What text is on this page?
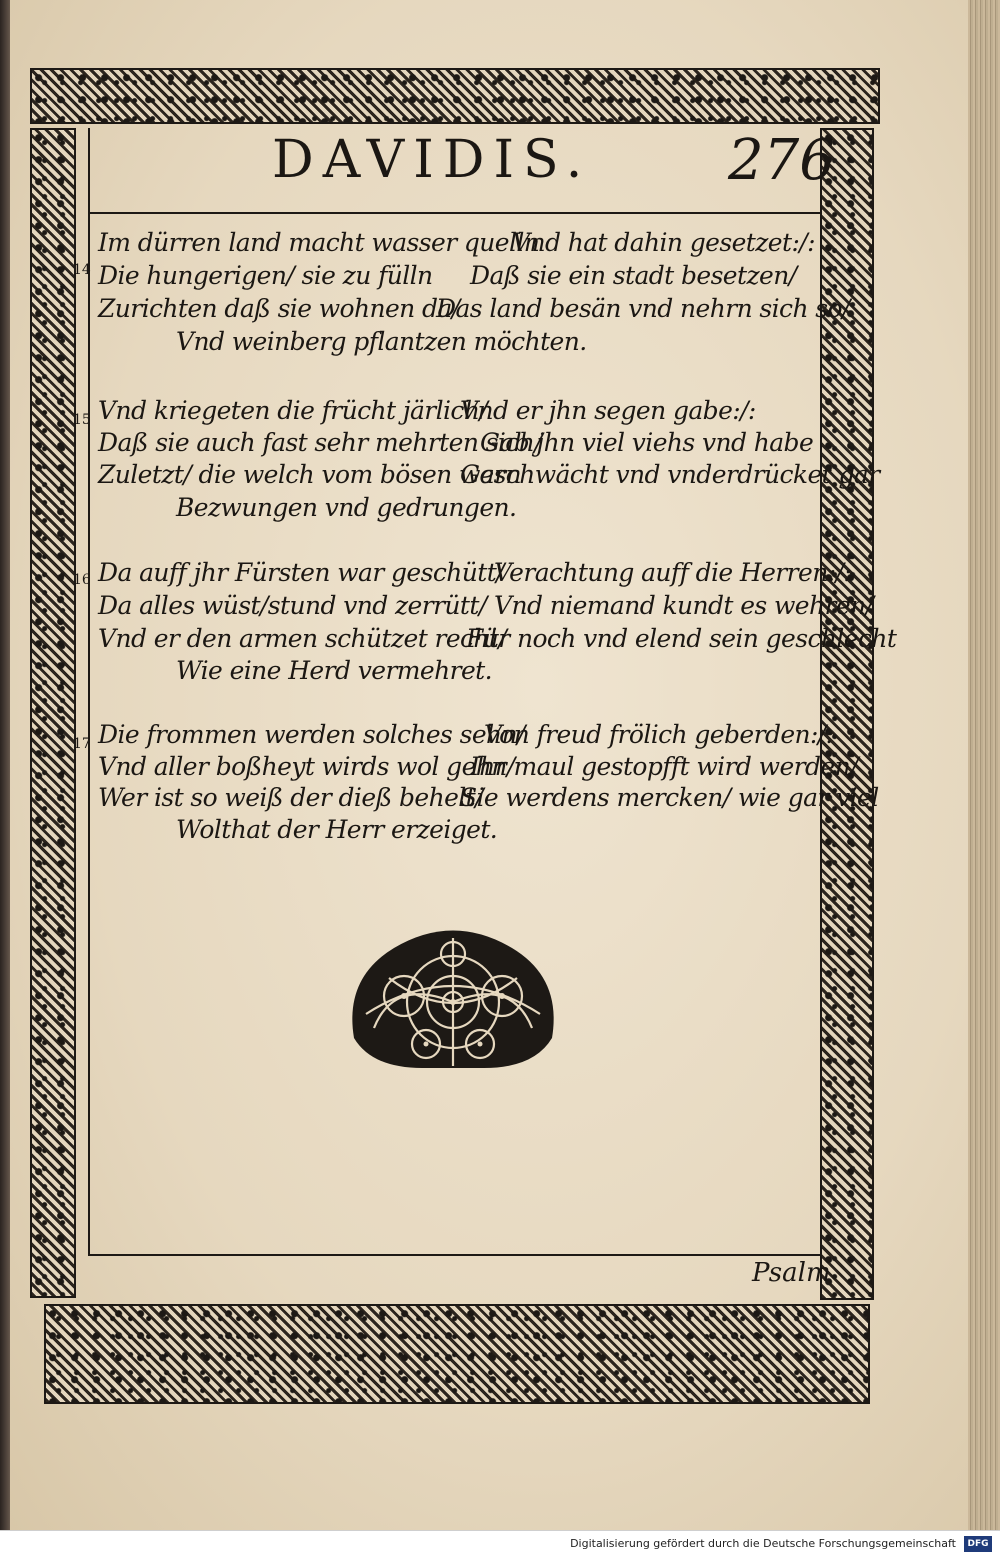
DAVIDIS. 276
14
Im dürren land macht wasser quelln
Vnd hat dahin gesetzet:/:
Die hungerigen/ sie zu fülln Daß sie ein stadt besetzen/
Zurichten daß sie wohnen da/
Das land besän vnd nehrn sich so/
Vnd weinberg pflantzen möchten.
15 Vnd kriegeten die frücht järlich/
Vnd er jhn segen gabe:/:
Daß sie auch fast sehr mehrten sich/
Gab jhn viel viehs vnd habe
Zuletzt/ die welch vom bösen warn
Geschwächt vnd vnderdrücket gar
Bezwungen vnd gedrungen.
16 Da auff jhr Fürsten war geschütt/
Verachtung auff die Herren:/:
Da alles wüst/stund vnd zerrütt/ Vnd niemand kundt es wehren/
Vnd er den armen schützet recht/
Für noch vnd elend sein geschlecht
Wie eine Herd vermehret.
17 Die frommen werden solches sehn/
Von freud frölich geberden:/:
Vnd aller boßheyt wirds wol gehn/
Ihr maul gestopfft wird werden/
Wer ist so weiß der dieß behelt/
Sie werdens mercken/ wie gar viel
Wolthat der Herr erzeiget.
Psalm
Digitalisierung gefördert durch die Deutsche Forschungsgemeinschaft	DFG
